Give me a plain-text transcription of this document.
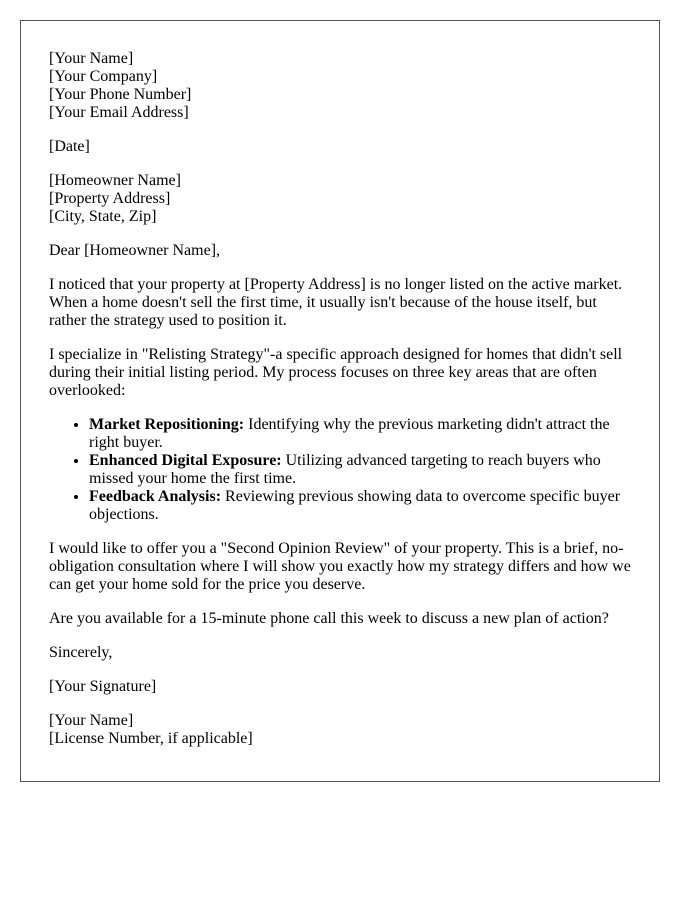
[Your Name]
[Your Company]
[Your Phone Number]
[Your Email Address]
[Date]
[Homeowner Name]
[Property Address]
[City, State, Zip]

Dear [Homeowner Name],

I noticed that your property at [Property Address] is no longer listed on the active market. When a home doesn't sell the first time, it usually isn't because of the house itself, but rather the strategy used to position it.

I specialize in "Relisting Strategy"-a specific approach designed for homes that didn't sell during their initial listing period. My process focuses on three key areas that are often overlooked:

• Market Repositioning: Identifying why the previous marketing didn't attract the right buyer.
• Enhanced Digital Exposure: Utilizing advanced targeting to reach buyers who missed your home the first time.
• Feedback Analysis: Reviewing previous showing data to overcome specific buyer objections.

I would like to offer you a "Second Opinion Review" of your property. This is a brief, no-obligation consultation where I will show you exactly how my strategy differs and how we can get your home sold for the price you deserve.

Are you available for a 15-minute phone call this week to discuss a new plan of action?

Sincerely,

[Your Signature]

[Your Name]
[License Number, if applicable]
